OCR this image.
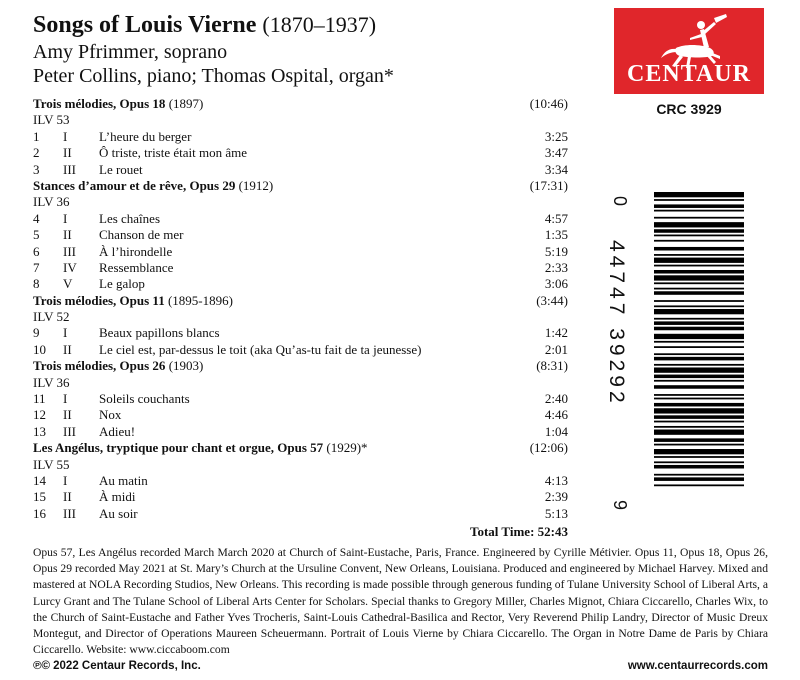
Songs of Louis Vierne (1870–1937)
Amy Pfrimmer, soprano
Peter Collins, piano; Thomas Ospital, organ*
Trois mélodies, Opus 18 (1897)	(10:46)
ILV 53
1 I L’heure du berger	3:25
2 II Ô triste, triste était mon âme	3:47
3 III Le rouet	3:34
Stances d’amour et de rêve, Opus 29 (1912)	(17:31)
ILV 36
4 I Les chaînes	4:57
5 II Chanson de mer	1:35
6 III À l’hirondelle	5:19
7 IV Ressemblance	2:33
8 V Le galop	3:06
Trois mélodies, Opus 11 (1895-1896)	(3:44)
ILV 52
9 I Beaux papillons blancs	1:42
10 II Le ciel est, par-dessus le toit (aka Qu’as-tu fait de ta jeunesse)	2:01
Trois mélodies, Opus 26 (1903)	(8:31)
ILV 36
11 I Soleils couchants	2:40
12 II Nox	4:46
13 III Adieu!	1:04
Les Angélus, tryptique pour chant et orgue, Opus 57 (1929)*	(12:06)
ILV 55
14 I Au matin	4:13
15 II À midi	2:39
16 III Au soir	5:13
Total Time: 52:43
CENTAUR
CRC 3929
44747 39292
0
9
Opus 57, Les Angélus recorded March March 2020 at Church of Saint-Eustache, Paris, France. Engineered by Cyrille Métivier. Opus 11, Opus 18, Opus 26, Opus 29 recorded May 2021 at St. Mary’s Church at the Ursuline Convent, New Orleans, Louisiana. Produced and engineered by Michael Harvey. Mixed and mastered at NOLA Recording Studios, New Orleans. This recording is made possible through generous funding of Tulane University School of Liberal Arts, a Lurcy Grant and The Tulane School of Liberal Arts Center for Scholars. Special thanks to Gregory Miller, Charles Mignot, Chiara Ciccarello, Charles Wix, to the Church of Saint-Eustache and Father Yves Trocheris, Saint-Louis Cathedral-Basilica and Rector, Very Reverend Philip Landry, Director of Music Dreux Montegut, and Director of Operations Maureen Scheuermann. Portrait of Louis Vierne by Chiara Ciccarello. The Organ in Notre Dame de Paris by Chiara Ciccarello. Website: www.ciccaboom.com
℗© 2022 Centaur Records, Inc.	www.centaurrecords.com
